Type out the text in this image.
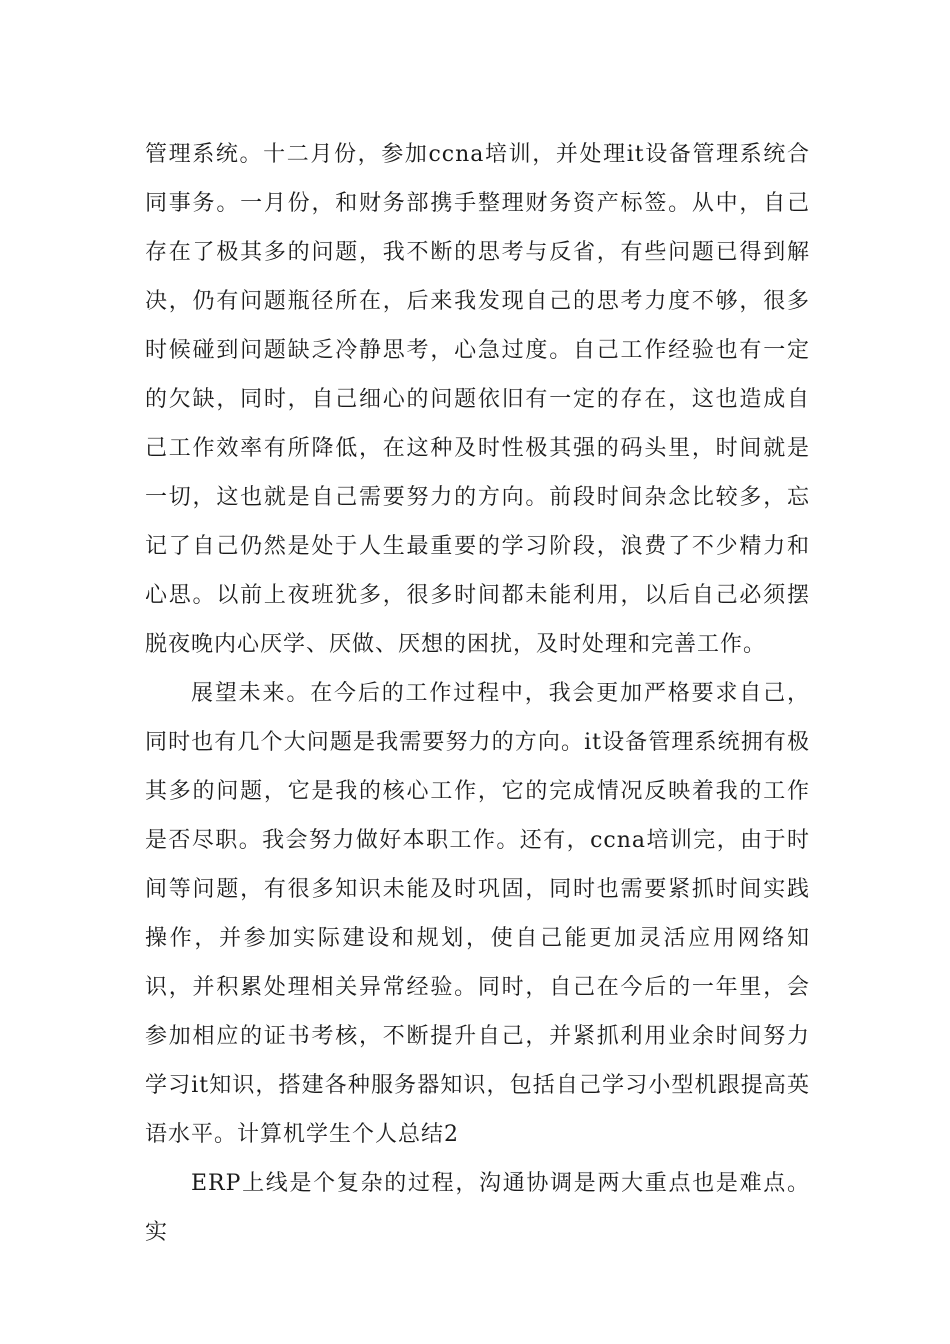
管理系统。十二月份，参加ccna培训，并处理it设备管理系统合同事务。一月份，和财务部携手整理财务资产标签。从中，自己存在了极其多的问题，我不断的思考与反省，有些问题已得到解决，仍有问题瓶径所在，后来我发现自己的思考力度不够，很多时候碰到问题缺乏冷静思考，心急过度。自己工作经验也有一定的欠缺，同时，自己细心的问题依旧有一定的存在，这也造成自己工作效率有所降低，在这种及时性极其强的码头里，时间就是一切，这也就是自己需要努力的方向。前段时间杂念比较多，忘记了自己仍然是处于人生最重要的学习阶段，浪费了不少精力和心思。以前上夜班犹多，很多时间都未能利用，以后自己必须摆脱夜晚内心厌学、厌做、厌想的困扰，及时处理和完善工作。

展望未来。在今后的工作过程中，我会更加严格要求自己，同时也有几个大问题是我需要努力的方向。it设备管理系统拥有极其多的问题，它是我的核心工作，它的完成情况反映着我的工作是否尽职。我会努力做好本职工作。还有，ccna培训完，由于时间等问题，有很多知识未能及时巩固，同时也需要紧抓时间实践操作，并参加实际建设和规划，使自己能更加灵活应用网络知识，并积累处理相关异常经验。同时，自己在今后的一年里，会参加相应的证书考核，不断提升自己，并紧抓利用业余时间努力学习it知识，搭建各种服务器知识，包括自己学习小型机跟提高英语水平。计算机学生个人总结2

ERP上线是个复杂的过程，沟通协调是两大重点也是难点。实
